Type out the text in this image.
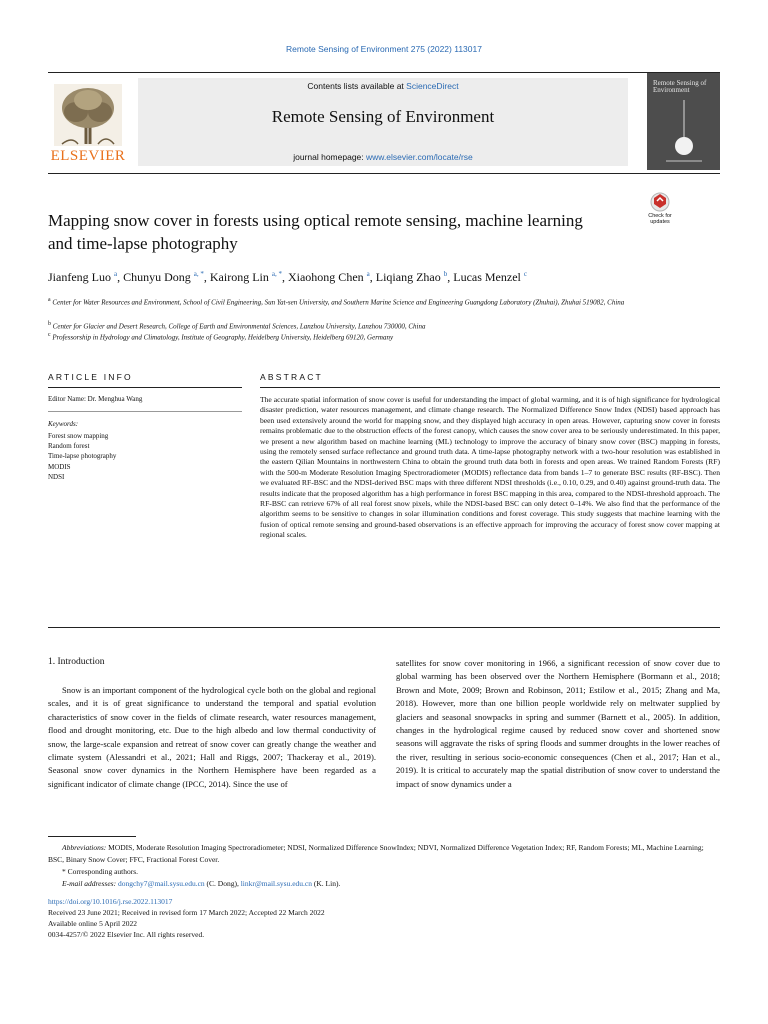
Remote Sensing of Environment 275 (2022) 113017
ELSEVIER
Contents lists available at ScienceDirect
Remote Sensing of Environment
journal homepage: www.elsevier.com/locate/rse
Remote Sensing of Environment
Check for updates
Mapping snow cover in forests using optical remote sensing, machine learning and time-lapse photography
Jianfeng Luo $^a$, Chunyu Dong $^{a, *}$, Kairong Lin $^{a, *}$, Xiaohong Chen $^a$, Liqiang Zhao $^b$, Lucas Menzel $^c$
$^a$ Center for Water Resources and Environment, School of Civil Engineering, Sun Yat-sen University, and Southern Marine Science and Engineering Guangdong Laboratory (Zhuhai), Zhuhai 519082, China
$^b$ Center for Glacier and Desert Research, College of Earth and Environmental Sciences, Lanzhou University, Lanzhou 730000, China
$^c$ Professorship in Hydrology and Climatology, Institute of Geography, Heidelberg University, Heidelberg 69120, Germany
ARTICLE INFO
Editor Name: Dr. Menghua Wang
Keywords:
Forest snow mapping
Random forest
Time-lapse photography
MODIS
NDSI
ABSTRACT
The accurate spatial information of snow cover is useful for understanding the impact of global warming, and it is of high significance for hydrological disaster prediction, water resources management, and climate change research. The Normalized Difference Snow Index (NDSI) based approach has been used extensively around the world for mapping snow, and they displayed high accuracy in open areas. However, capturing snow cover in forests remains problematic due to the obstruction effects of the forest canopy, which causes the snow cover area to be seriously underestimated. In this paper, we present a new algorithm based on machine learning (ML) technology to improve the accuracy of binary snow cover (BSC) mapping in forests, using the remotely sensed surface reflectance and ground truth data. A time-lapse photography network with a two-hour resolution was established in the eastern Qilian Mountains in northwestern China to obtain the ground truth data both in forests and open areas. We trained Random Forests (RF) with the 500-m Moderate Resolution Imaging Spectroradiometer (MODIS) reflectance data from bands 1–7 to generate BSC results (RF-BSC). Then we evaluated RF-BSC and the NDSI-derived BSC maps with three different NDSI thresholds (i.e., 0.10, 0.29, and 0.40) against ground-truth data. The results indicate that the proposed algorithm has a high performance in forest BSC mapping in this area, compared to the NDSI-threshold approach. The RF-BSC can retrieve 67% of all real forest snow pixels, while the NDSI-based BSC can only detect 0–14%. We also find that the performance of the algorithm seems to be sensitive to changes in solar illumination conditions and forest coverage. This study suggests that machine learning with the fusion of optical remote sensing and ground-based observations is an effective approach for improving the accuracy of forest snow cover mapping at regional scales.
1. Introduction
Snow is an important component of the hydrological cycle both on the global and regional scales, and it is of great significance to understand the temporal and spatial evolution characteristics of snow cover in the fields of climate research, water resources management, flood and drought monitoring, etc. Due to the high albedo and low thermal conductivity of snow, the large-scale expansion and retreat of snow cover can greatly change the weather and climate system (Alessandri et al., 2021; Hall and Riggs, 2007; Thackeray et al., 2019). Seasonal snow cover dynamics in the Northern Hemisphere have been regarded as a significant indicator of climate change (IPCC, 2014). Since the use of
satellites for snow cover monitoring in 1966, a significant recession of snow cover due to global warming has been observed over the Northern Hemisphere (Bormann et al., 2018; Brown and Mote, 2009; Brown and Robinson, 2011; Estilow et al., 2015; Zhang and Ma, 2018). However, more than one billion people worldwide rely on meltwater supplied by glaciers and seasonal snowpacks in spring and summer (Barnett et al., 2005). In addition, changes in the hydrological regime caused by reduced snow cover and shortened snow seasons will aggravate the risks of spring floods and summer droughts in the lower reaches of the river, resulting in serious socio-economic consequences (Chen et al., 2017; Han et al., 2019). It is critical to accurately map the spatial distribution of snow cover to understand the impact of snow dynamics under a
Abbreviations: MODIS, Moderate Resolution Imaging Spectroradiometer; NDSI, Normalized Difference SnowIndex; NDVI, Normalized Difference Vegetation Index; RF, Random Forests; ML, Machine Learning; BSC, Binary Snow Cover; FFC, Fractional Forest Cover.
* Corresponding authors.
E-mail addresses: dongchy7@mail.sysu.edu.cn (C. Dong), linkr@mail.sysu.edu.cn (K. Lin).
https://doi.org/10.1016/j.rse.2022.113017
Received 23 June 2021; Received in revised form 17 March 2022; Accepted 22 March 2022
Available online 5 April 2022
0034-4257/© 2022 Elsevier Inc. All rights reserved.
